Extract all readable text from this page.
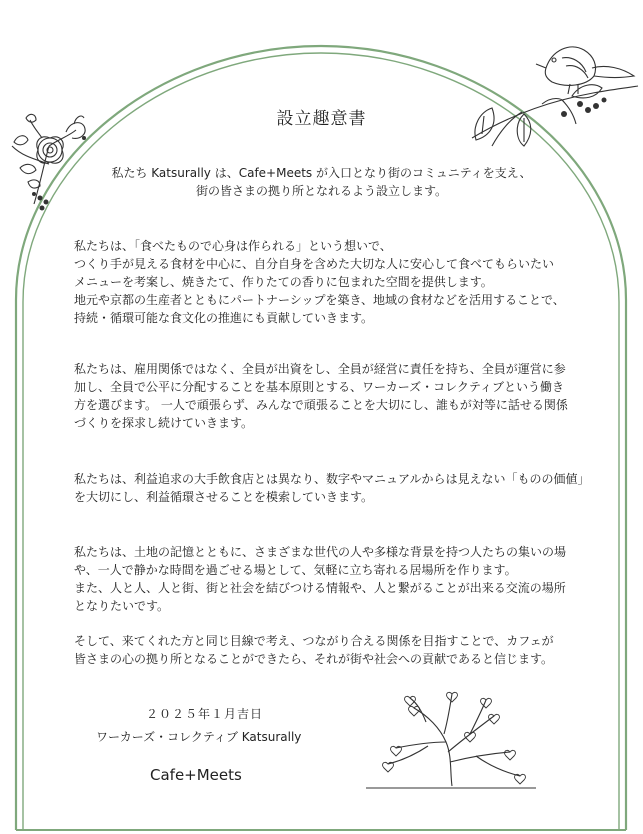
設立趣意書
私たち Katsurally は、Cafe+Meets が入口となり街のコミュニティを支え、
街の皆さまの拠り所となれるよう設立します。
私たちは、「食べたもので心身は作られる」という想いで、
つくり手が見える食材を中心に、自分自身を含めた大切な人に安心して食べてもらいたい
メニューを考案し、焼きたて、作りたての香りに包まれた空間を提供します。
地元や京都の生産者とともにパートナーシップを築き、地域の食材などを活用することで、
持続・循環可能な食文化の推進にも貢献していきます。
私たちは、雇用関係ではなく、全員が出資をし、全員が経営に責任を持ち、全員が運営に参
加し、全員で公平に分配することを基本原則とする、ワーカーズ・コレクティブという働き
方を選びます。 一人で頑張らず、みんなで頑張ることを大切にし、誰もが対等に話せる関係
づくりを探求し続けていきます。
私たちは、利益追求の大手飲食店とは異なり、数字やマニュアルからは見えない「ものの価値」
を大切にし、利益循環させることを模索していきます。
私たちは、土地の記憶とともに、さまざまな世代の人や多様な背景を持つ人たちの集いの場
や、一人で静かな時間を過ごせる場として、気軽に立ち寄れる居場所を作ります。
また、人と人、人と街、街と社会を結びつける情報や、人と繋がることが出来る交流の場所
となりたいです。
そして、来てくれた方と同じ目線で考え、つながり合える関係を目指すことで、カフェが
皆さまの心の拠り所となることができたら、それが街や社会への貢献であると信じます。
２０２５年１月吉日
ワーカーズ・コレクティブ Katsurally
Cafe+Meets
